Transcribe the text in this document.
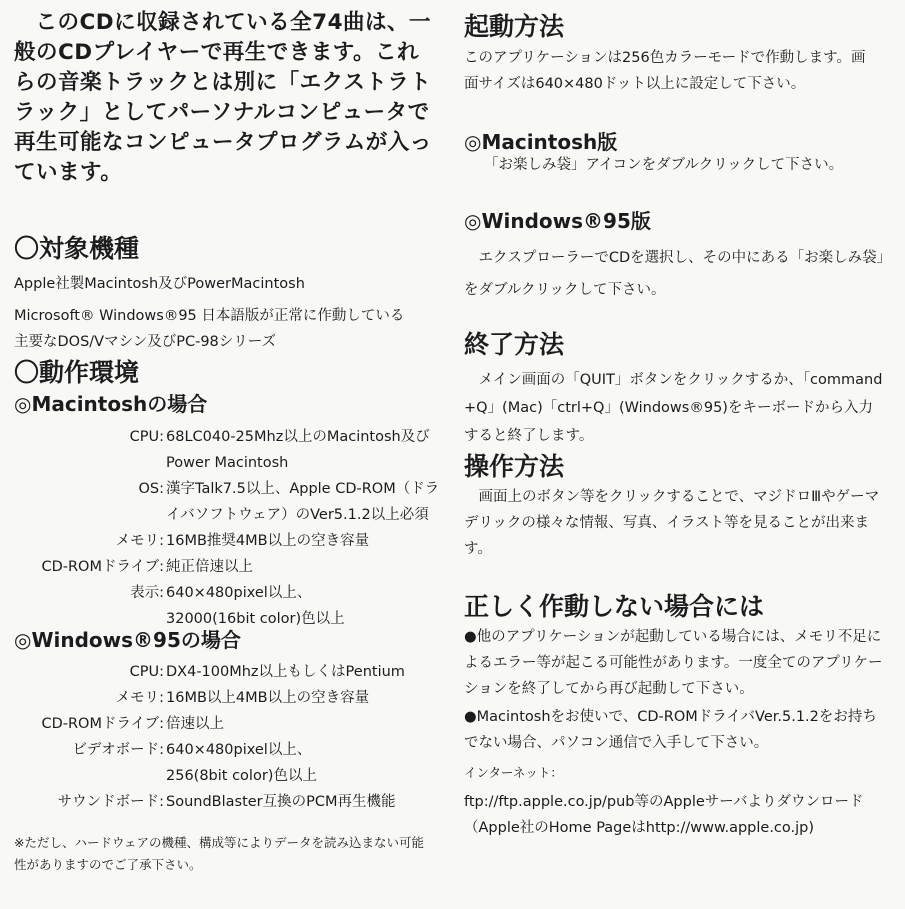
このCDに収録されている全74曲は、一般のCDプレイヤーで再生できます。これらの音楽トラックとは別に「エクストラトラック」としてパーソナルコンピュータで再生可能なコンピュータプログラムが入っています。

〇対象機種

Apple社製Macintosh及びPowerMacintosh

Microsoft® Windows®95 日本語版が正常に作動している

主要なDOS/Vマシン及びPC-98シリーズ

〇動作環境
◎Macintoshの場合
CPU: 68LC040-25Mhz以上のMacintosh及び
Power Macintosh
OS: 漢字Talk7.5以上、Apple CD-ROM（ドラ
イバソフトウェア）のVer5.1.2以上必須
メモリ: 16MB推奨4MB以上の空き容量
CD-ROMドライブ: 純正倍速以上
表示: 640×480pixel以上、
32000(16bit color)色以上
◎Windows®95の場合
CPU: DX4-100Mhz以上もしくはPentium
メモリ: 16MB以上4MB以上の空き容量
CD-ROMドライブ: 倍速以上
ビデオボード: 640×480pixel以上、
256(8bit color)色以上
サウンドボード: SoundBlaster互換のPCM再生機能

※ただし、ハードウェアの機種、構成等によりデータを読み込まない可能性がありますのでご了承下さい。

起動方法

このアプリケーションは256色カラーモードで作動します。画面サイズは640×480ドット以上に設定して下さい。

◎Macintosh版

「お楽しみ袋」アイコンをダブルクリックして下さい。

◎Windows®95版

エクスプローラーでCDを選択し、その中にある「お楽しみ袋」をダブルクリックして下さい。

終了方法

メイン画面の「QUIT」ボタンをクリックするか、「command +Q」(Mac)「ctrl+Q」(Windows®95)をキーボードから入力すると終了します。

操作方法

画面上のボタン等をクリックすることで、マジドロⅢやゲーマデリックの様々な情報、写真、イラスト等を見ることが出来ます。

正しく作動しない場合には

●他のアプリケーションが起動している場合には、メモリ不足によるエラー等が起こる可能性があります。一度全てのアプリケーションを終了してから再び起動して下さい。

●Macintoshをお使いで、CD-ROMドライバVer.5.1.2をお持ちでない場合、パソコン通信で入手して下さい。

インターネット：

ftp://ftp.apple.co.jp/pub等のAppleサーバよりダウンロード（Apple社のHome Pageはhttp://www.apple.co.jp)
